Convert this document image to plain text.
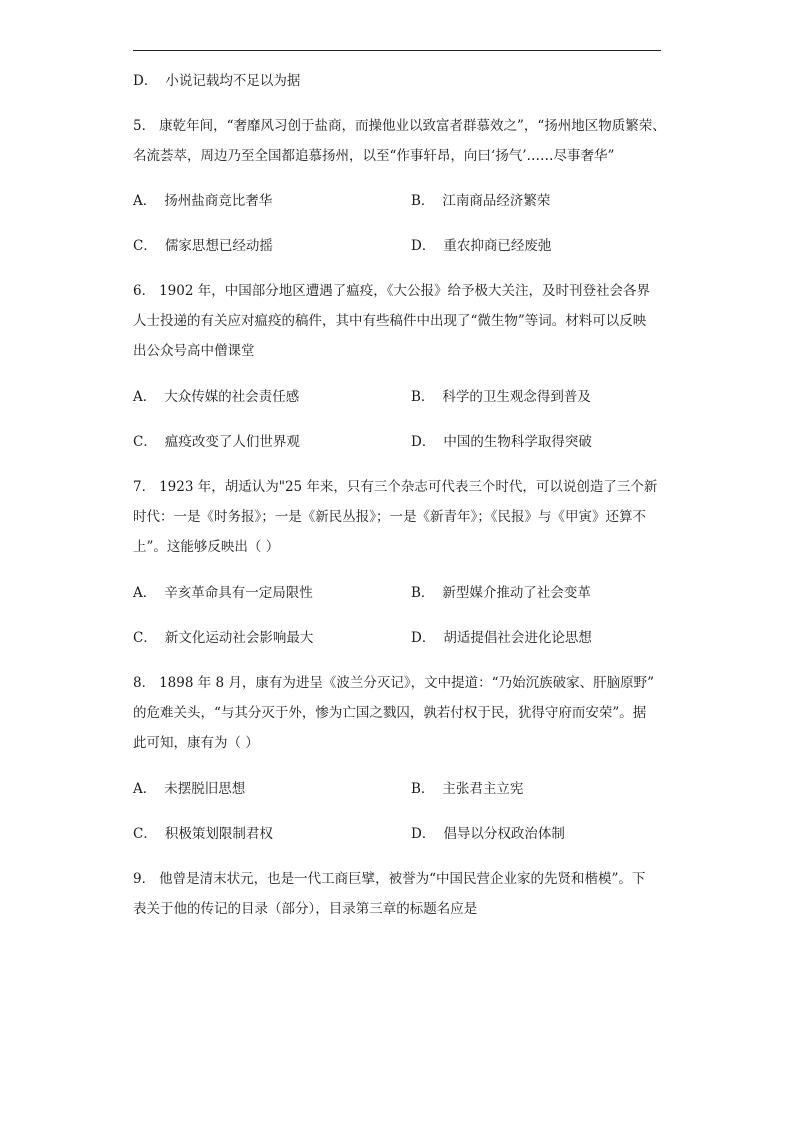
D． 小说记载均不足以为据
5． 康乾年间，“奢靡风习创于盐商，而操他业以致富者群慕效之”，“扬州地区物质繁荣、
名流荟萃，周边乃至全国都追慕扬州，以至“作事轩昂，向曰‘扬气’……尽事奢华”
A． 扬州盐商竞比奢华	B． 江南商品经济繁荣
C． 儒家思想已经动摇	D． 重农抑商已经废弛
6． 1902 年，中国部分地区遭遇了瘟疫，《大公报》给予极大关注，及时刊登社会各界
人士投递的有关应对瘟疫的稿件，其中有些稿件中出现了“微生物”等词。材料可以反映
出公众号高中僧课堂
A． 大众传媒的社会责任感	B． 科学的卫生观念得到普及
C． 瘟疫改变了人们世界观	D． 中国的生物科学取得突破
7． 1923 年，胡适认为"25 年来，只有三个杂志可代表三个时代，可以说创造了三个新
时代：一是《时务报》；一是《新民丛报》；一是《新青年》；《民报》与《甲寅》还算不
上”。这能够反映出（ ）
A． 辛亥革命具有一定局限性	B． 新型媒介推动了社会变革
C． 新文化运动社会影响最大	D． 胡适提倡社会进化论思想
8． 1898 年 8 月，康有为进呈《波兰分灭记》，文中提道：“乃始沉族破家、肝脑原野”
的危难关头，“与其分灭于外，惨为亡国之戮囚，孰若付权于民，犹得守府而安荣”。据
此可知，康有为（ ）
A． 未摆脱旧思想	B． 主张君主立宪
C． 积极策划限制君权	D． 倡导以分权政治体制
9． 他曾是清末状元，也是一代工商巨擘，被誉为“中国民营企业家的先贤和楷模”。下
表关于他的传记的目录（部分），目录第三章的标题名应是
